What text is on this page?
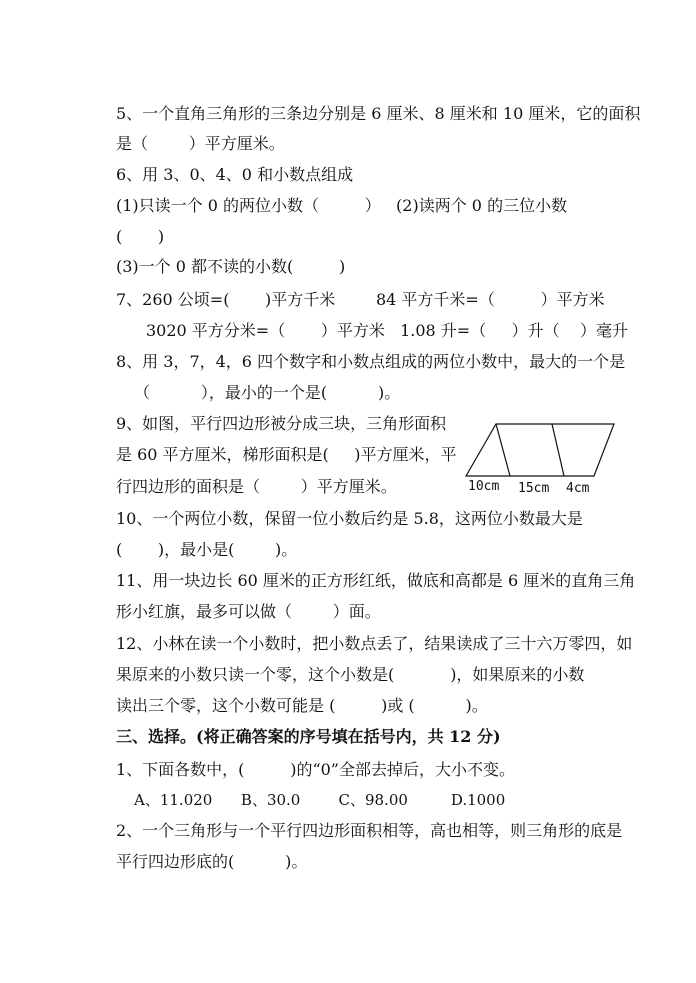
5、一个直角三角形的三条边分别是 6 厘米、8 厘米和 10 厘米，它的面积
是（        ）平方厘米。
6、用 3、0、4、0 和小数点组成
(1)只读一个 0 的两位小数（         ）   (2)读两个 0 的三位小数
(       )
(3)一个 0 都不读的小数(         )
7、260 公顷=(       )平方千米        84 平方千米=（         ）平方米
3020 平方分米=（       ）平方米   1.08 升=（     ）升（    ）毫升
8、用 3，7，4，6 四个数字和小数点组成的两位小数中，最大的一个是
（          ），最小的一个是(          )。
9、如图，平行四边形被分成三块，三角形面积
是 60 平方厘米，梯形面积是(     )平方厘米，平
行四边形的面积是（        ）平方厘米。	10cm 15cm 4cm
10、一个两位小数，保留一位小数后约是 5.8，这两位小数最大是
(       )，最小是(        )。
11、用一块边长 60 厘米的正方形红纸，做底和高都是 6 厘米的直角三角
形小红旗，最多可以做（        ）面。
12、小林在读一个小数时，把小数点丢了，结果读成了三十六万零四，如
果原来的小数只读一个零，这个小数是(           )，如果原来的小数
读出三个零，这个小数可能是 (         )或 (          )。
三、选择。(将正确答案的序号填在括号内，共 12 分)
1、下面各数中，(         )的“0”全部去掉后，大小不变。
A、11.020      B、30.0        C、98.00         D.1000
2、一个三角形与一个平行四边形面积相等，高也相等，则三角形的底是
平行四边形底的(          )。
